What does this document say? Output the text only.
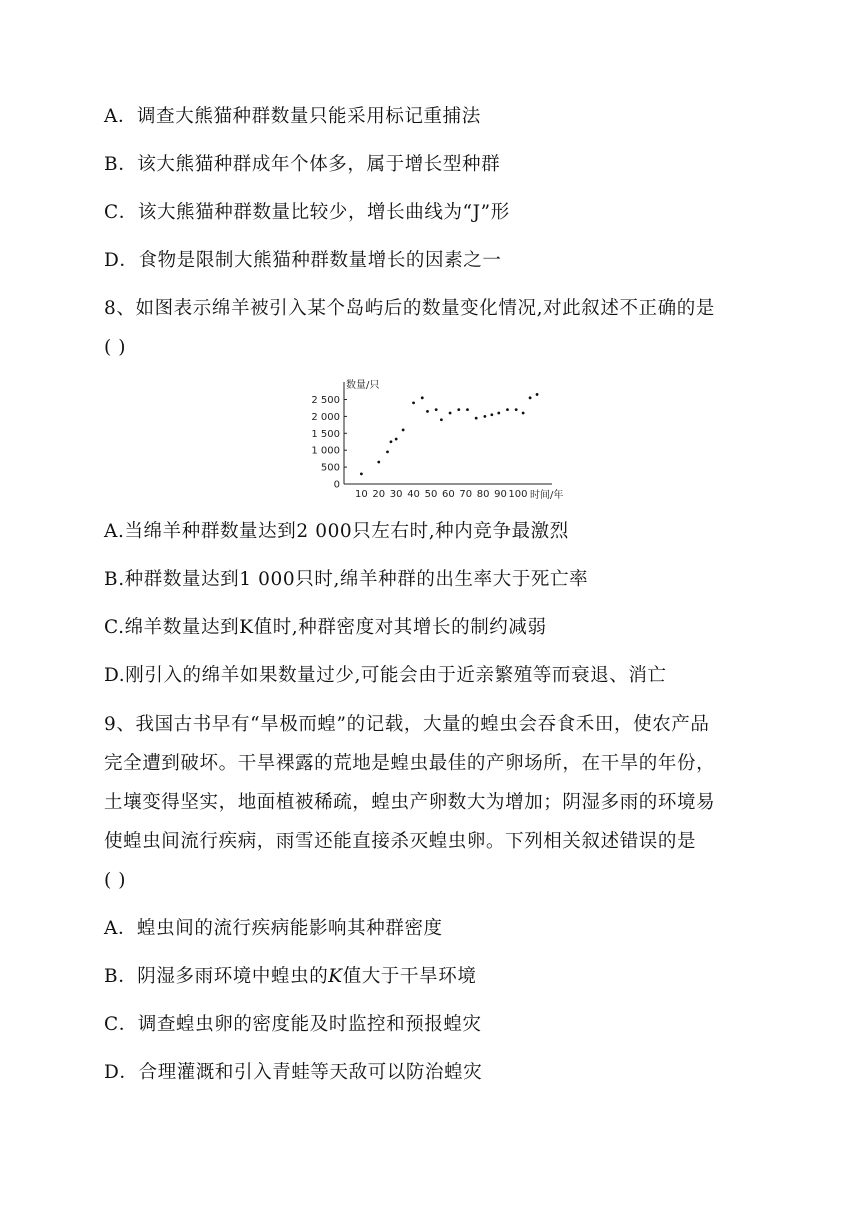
A．调查大熊猫种群数量只能采用标记重捕法
B．该大熊猫种群成年个体多，属于增长型种群
C．该大熊猫种群数量比较少，增长曲线为“J”形
D．食物是限制大熊猫种群数量增长的因素之一
8、如图表示绵羊被引入某个岛屿后的数量变化情况,对此叙述不正确的是
( )
0
500
1 000
1 500
2 000
2 500
10 20 30 40 50 60 70 80 90 100
数量/只
时间/年
A.当绵羊种群数量达到2 000只左右时,种内竞争最激烈
B.种群数量达到1 000只时,绵羊种群的出生率大于死亡率
C.绵羊数量达到K值时,种群密度对其增长的制约减弱
D.刚引入的绵羊如果数量过少,可能会由于近亲繁殖等而衰退、消亡
9、我国古书早有“旱极而蝗”的记载，大量的蝗虫会吞食禾田，使农产品
完全遭到破坏。干旱裸露的荒地是蝗虫最佳的产卵场所，在干旱的年份，
土壤变得坚实，地面植被稀疏，蝗虫产卵数大为增加；阴湿多雨的环境易
使蝗虫间流行疾病，雨雪还能直接杀灭蝗虫卵。下列相关叙述错误的是
( )
A．蝗虫间的流行疾病能影响其种群密度
B．阴湿多雨环境中蝗虫的K值大于干旱环境
C．调查蝗虫卵的密度能及时监控和预报蝗灾
D．合理灌溉和引入青蛙等天敌可以防治蝗灾
